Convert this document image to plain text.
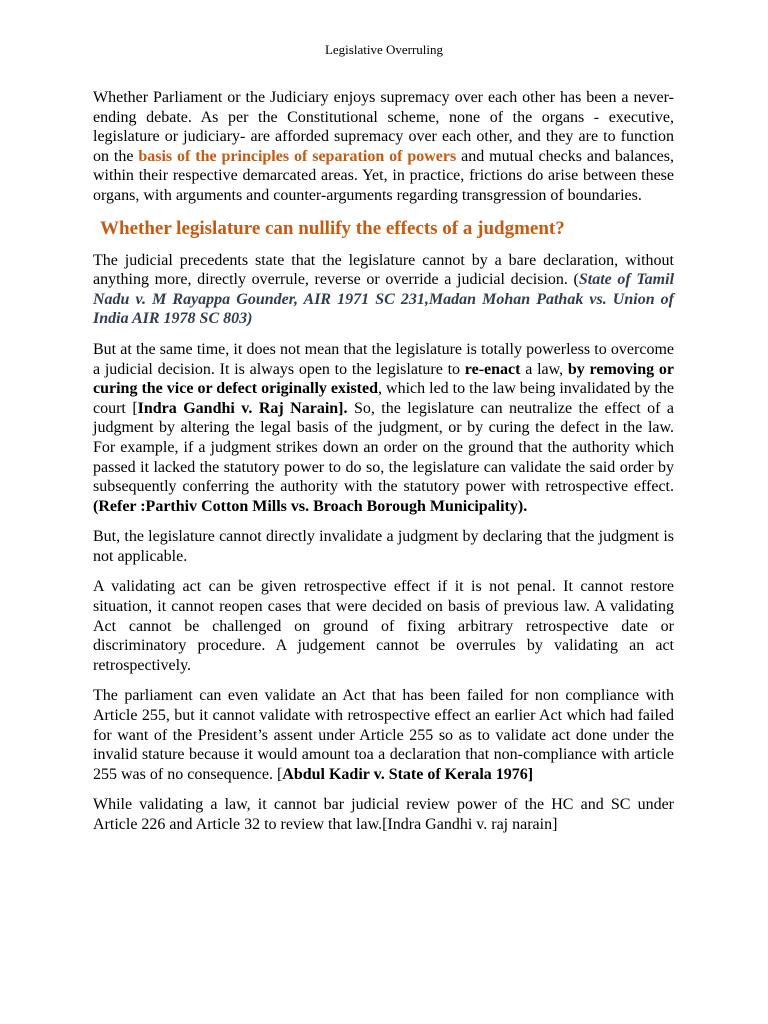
Legislative Overruling

Whether Parliament or the Judiciary enjoys supremacy over each other has been a never-ending debate. As per the Constitutional scheme, none of the organs - executive, legislature or judiciary- are afforded supremacy over each other, and they are to function on the basis of the principles of separation of powers and mutual checks and balances, within their respective demarcated areas. Yet, in practice, frictions do arise between these organs, with arguments and counter-arguments regarding transgression of boundaries.

Whether legislature can nullify the effects of a judgment?

The judicial precedents state that the legislature cannot by a bare declaration, without anything more, directly overrule, reverse or override a judicial decision. (State of Tamil Nadu v. M Rayappa Gounder, AIR 1971 SC 231,Madan Mohan Pathak vs. Union of India AIR 1978 SC 803)

But at the same time, it does not mean that the legislature is totally powerless to overcome a judicial decision. It is always open to the legislature to re-enact a law, by removing or curing the vice or defect originally existed, which led to the law being invalidated by the court [Indra Gandhi v. Raj Narain]. So, the legislature can neutralize the effect of a judgment by altering the legal basis of the judgment, or by curing the defect in the law. For example, if a judgment strikes down an order on the ground that the authority which passed it lacked the statutory power to do so, the legislature can validate the said order by subsequently conferring the authority with the statutory power with retrospective effect. (Refer :Parthiv Cotton Mills vs. Broach Borough Municipality).

But, the legislature cannot directly invalidate a judgment by declaring that the judgment is not applicable.

A validating act can be given retrospective effect if it is not penal. It cannot restore situation, it cannot reopen cases that were decided on basis of previous law. A validating Act cannot be challenged on ground of fixing arbitrary retrospective date or discriminatory procedure. A judgement cannot be overrules by validating an act retrospectively.

The parliament can even validate an Act that has been failed for non compliance with Article 255, but it cannot validate with retrospective effect an earlier Act which had failed for want of the President’s assent under Article 255 so as to validate act done under the invalid stature because it would amount toa a declaration that non-compliance with article 255 was of no consequence. [Abdul Kadir v. State of Kerala 1976]

While validating a law, it cannot bar judicial review power of the HC and SC under Article 226 and Article 32 to review that law.[Indra Gandhi v. raj narain]
